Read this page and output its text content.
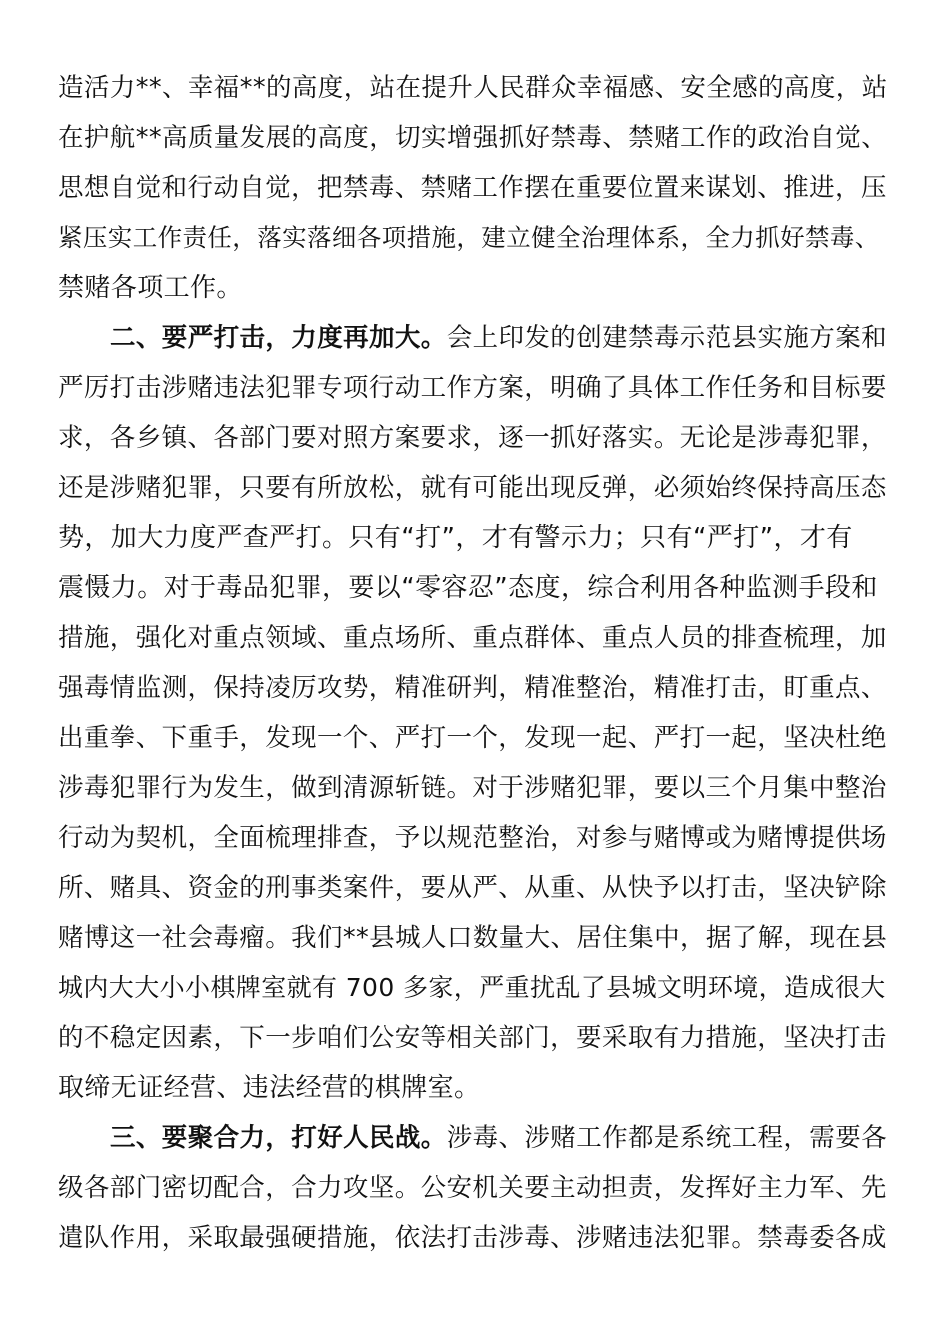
造活力**、幸福**的高度，站在提升人民群众幸福感、安全感的高度，站
在护航**高质量发展的高度，切实增强抓好禁毒、禁赌工作的政治自觉、
思想自觉和行动自觉，把禁毒、禁赌工作摆在重要位置来谋划、推进，压
紧压实工作责任，落实落细各项措施，建立健全治理体系，全力抓好禁毒、
禁赌各项工作。
二、要严打击，力度再加大。会上印发的创建禁毒示范县实施方案和
严厉打击涉赌违法犯罪专项行动工作方案，明确了具体工作任务和目标要
求，各乡镇、各部门要对照方案要求，逐一抓好落实。无论是涉毒犯罪，
还是涉赌犯罪，只要有所放松，就有可能出现反弹，必须始终保持高压态
势，加大力度严查严打。只有“打”，才有警示力；只有“严打”，才有
震慑力。对于毒品犯罪，要以“零容忍”态度，综合利用各种监测手段和
措施，强化对重点领域、重点场所、重点群体、重点人员的排查梳理，加
强毒情监测，保持凌厉攻势，精准研判，精准整治，精准打击，盯重点、
出重拳、下重手，发现一个、严打一个，发现一起、严打一起，坚决杜绝
涉毒犯罪行为发生，做到清源斩链。对于涉赌犯罪，要以三个月集中整治
行动为契机，全面梳理排查，予以规范整治，对参与赌博或为赌博提供场
所、赌具、资金的刑事类案件，要从严、从重、从快予以打击，坚决铲除
赌博这一社会毒瘤。我们**县城人口数量大、居住集中，据了解，现在县
城内大大小小棋牌室就有 700 多家，严重扰乱了县城文明环境，造成很大
的不稳定因素，下一步咱们公安等相关部门，要采取有力措施，坚决打击
取缔无证经营、违法经营的棋牌室。
三、要聚合力，打好人民战。涉毒、涉赌工作都是系统工程，需要各
级各部门密切配合，合力攻坚。公安机关要主动担责，发挥好主力军、先
遣队作用，采取最强硬措施，依法打击涉毒、涉赌违法犯罪。禁毒委各成
